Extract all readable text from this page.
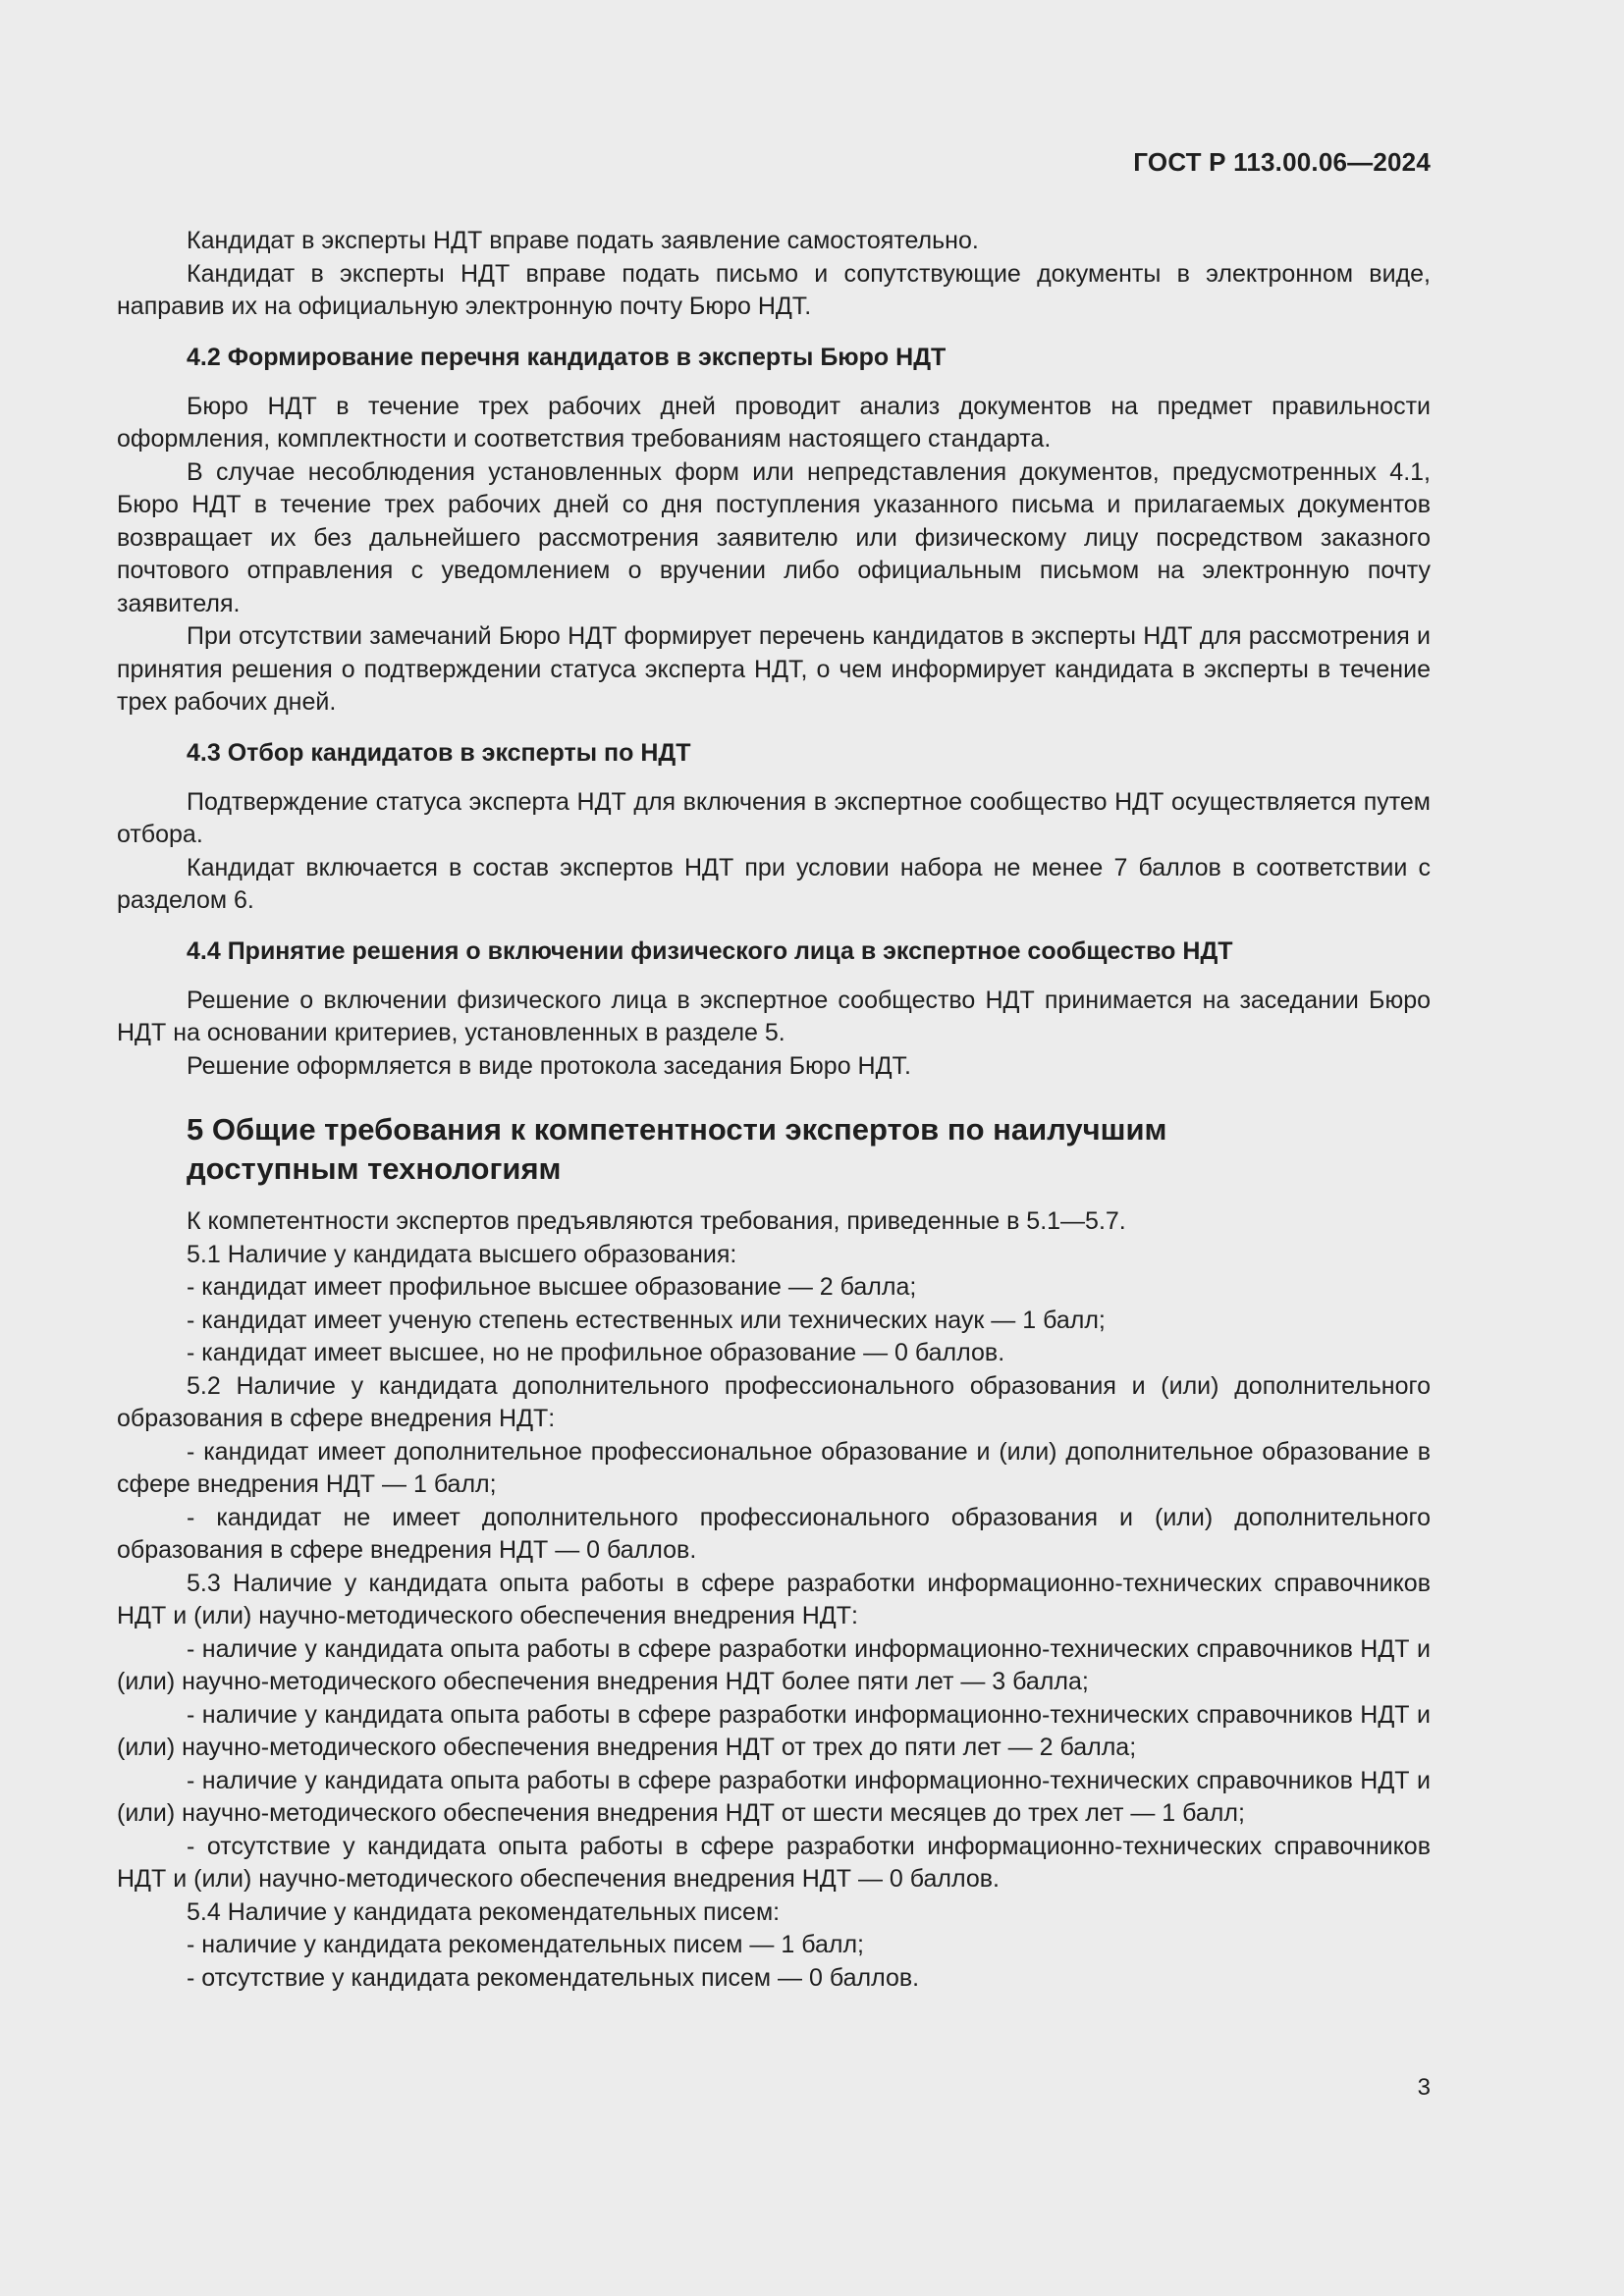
ГОСТ Р 113.00.06—2024

Кандидат в эксперты НДТ вправе подать заявление самостоятельно.

Кандидат в эксперты НДТ вправе подать письмо и сопутствующие документы в электронном виде, направив их на официальную электронную почту Бюро НДТ.

4.2 Формирование перечня кандидатов в эксперты Бюро НДТ

Бюро НДТ в течение трех рабочих дней проводит анализ документов на предмет правильности оформления, комплектности и соответствия требованиям настоящего стандарта.

В случае несоблюдения установленных форм или непредставления документов, предусмотренных 4.1, Бюро НДТ в течение трех рабочих дней со дня поступления указанного письма и прилагаемых документов возвращает их без дальнейшего рассмотрения заявителю или физическому лицу посредством заказного почтового отправления с уведомлением о вручении либо официальным письмом на электронную почту заявителя.

При отсутствии замечаний Бюро НДТ формирует перечень кандидатов в эксперты НДТ для рассмотрения и принятия решения о подтверждении статуса эксперта НДТ, о чем информирует кандидата в эксперты в течение трех рабочих дней.

4.3 Отбор кандидатов в эксперты по НДТ

Подтверждение статуса эксперта НДТ для включения в экспертное сообщество НДТ осуществляется путем отбора.

Кандидат включается в состав экспертов НДТ при условии набора не менее 7 баллов в соответствии с разделом 6.

4.4 Принятие решения о включении физического лица в экспертное сообщество НДТ

Решение о включении физического лица в экспертное сообщество НДТ принимается на заседании Бюро НДТ на основании критериев, установленных в разделе 5.

Решение оформляется в виде протокола заседания Бюро НДТ.

5 Общие требования к компетентности экспертов по наилучшим доступным технологиям

К компетентности экспертов предъявляются требования, приведенные в 5.1—5.7.

5.1 Наличие у кандидата высшего образования:

- кандидат имеет профильное высшее образование — 2 балла;

- кандидат имеет ученую степень естественных или технических наук — 1 балл;

- кандидат имеет высшее, но не профильное образование — 0 баллов.

5.2 Наличие у кандидата дополнительного профессионального образования и (или) дополнительного образования в сфере внедрения НДТ:

- кандидат имеет дополнительное профессиональное образование и (или) дополнительное образование в сфере внедрения НДТ — 1 балл;

- кандидат не имеет дополнительного профессионального образования и (или) дополнительного образования в сфере внедрения НДТ — 0 баллов.

5.3 Наличие у кандидата опыта работы в сфере разработки информационно-технических справочников НДТ и (или) научно-методического обеспечения внедрения НДТ:

- наличие у кандидата опыта работы в сфере разработки информационно-технических справочников НДТ и (или) научно-методического обеспечения внедрения НДТ более пяти лет — 3 балла;

- наличие у кандидата опыта работы в сфере разработки информационно-технических справочников НДТ и (или) научно-методического обеспечения внедрения НДТ от трех до пяти лет — 2 балла;

- наличие у кандидата опыта работы в сфере разработки информационно-технических справочников НДТ и (или) научно-методического обеспечения внедрения НДТ от шести месяцев до трех лет — 1 балл;

- отсутствие у кандидата опыта работы в сфере разработки информационно-технических справочников НДТ и (или) научно-методического обеспечения внедрения НДТ — 0 баллов.

5.4 Наличие у кандидата рекомендательных писем:

- наличие у кандидата рекомендательных писем — 1 балл;

- отсутствие у кандидата рекомендательных писем — 0 баллов.

3
